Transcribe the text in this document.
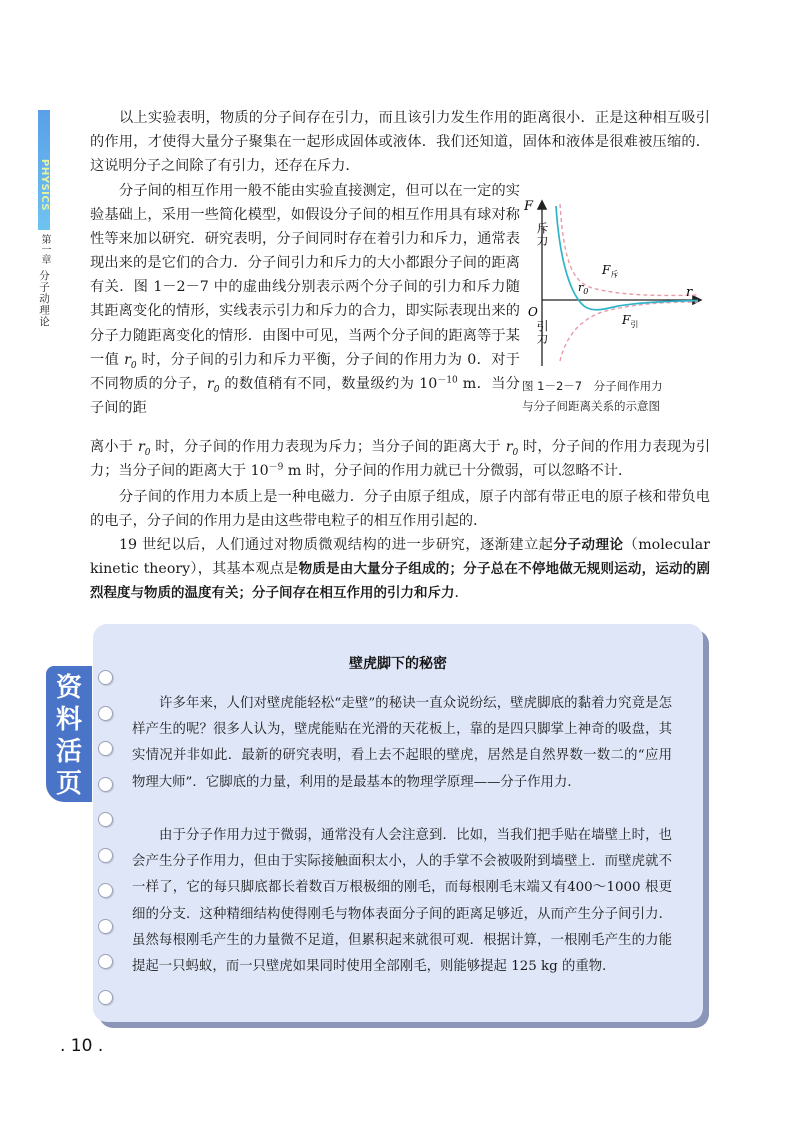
PHYSICS
第一章
分子动理论

以上实验表明，物质的分子间存在引力，而且该引力发生作用的距离很小．正是这种相互吸引的作用，才使得大量分子聚集在一起形成固体或液体．我们还知道，固体和液体是很难被压缩的．这说明分子之间除了有引力，还存在斥力．

分子间的相互作用一般不能由实验直接测定，但可以在一定的实验基础上，采用一些简化模型，如假设分子间的相互作用具有球对称性等来加以研究．研究表明，分子间同时存在着引力和斥力，通常表现出来的是它们的合力．分子间引力和斥力的大小都跟分子间的距离有关．图 1－2－7 中的虚曲线分别表示两个分子间的引力和斥力随其距离变化的情形，实线表示引力和斥力的合力，即实际表现出来的分子力随距离变化的情形．由图中可见，当两个分子间的距离等于某一值 $r_0$ 时，分子间的引力和斥力平衡，分子间的作用力为 0．对于不同物质的分子，$r_0$ 的数值稍有不同，数量级约为 $10^{-10}$ m．当分子间的距

离小于 $r_0$ 时，分子间的作用力表现为斥力；当分子间的距离大于 $r_0$ 时，分子间的作用力表现为引力；当分子间的距离大于 $10^{-9}$ m 时，分子间的作用力就已十分微弱，可以忽略不计．

分子间的作用力本质上是一种电磁力．分子由原子组成，原子内部有带正电的原子核和带负电的电子，分子间的作用力是由这些带电粒子的相互作用引起的．

19 世纪以后，人们通过对物质微观结构的进一步研究，逐渐建立起分子动理论（molecular kinetic theory），其基本观点是物质是由大量分子组成的；分子总在不停地做无规则运动，运动的剧烈程度与物质的温度有关；分子间存在相互作用的引力和斥力．

F
r
O
$r_0$
$F_斥$
$F_引$
斥力
引力
图 1－2－7　分子间作用力
与分子间距离关系的示意图
资料活页
壁虎脚下的秘密

许多年来，人们对壁虎能轻松“走壁”的秘诀一直众说纷纭，壁虎脚底的黏着力究竟是怎样产生的呢？很多人认为，壁虎能贴在光滑的天花板上，靠的是四只脚掌上神奇的吸盘，其实情况并非如此．最新的研究表明，看上去不起眼的壁虎，居然是自然界数一数二的“应用物理大师”．它脚底的力量，利用的是最基本的物理学原理——分子作用力．

由于分子作用力过于微弱，通常没有人会注意到．比如，当我们把手贴在墙壁上时，也会产生分子作用力，但由于实际接触面积太小，人的手掌不会被吸附到墙壁上．而壁虎就不一样了，它的每只脚底都长着数百万根极细的刚毛，而每根刚毛末端又有400～1000 根更细的分支．这种精细结构使得刚毛与物体表面分子间的距离足够近，从而产生分子间引力．虽然每根刚毛产生的力量微不足道，但累积起来就很可观．根据计算，一根刚毛产生的力能提起一只蚂蚁，而一只壁虎如果同时使用全部刚毛，则能够提起 125 kg 的重物．

. 10 .
